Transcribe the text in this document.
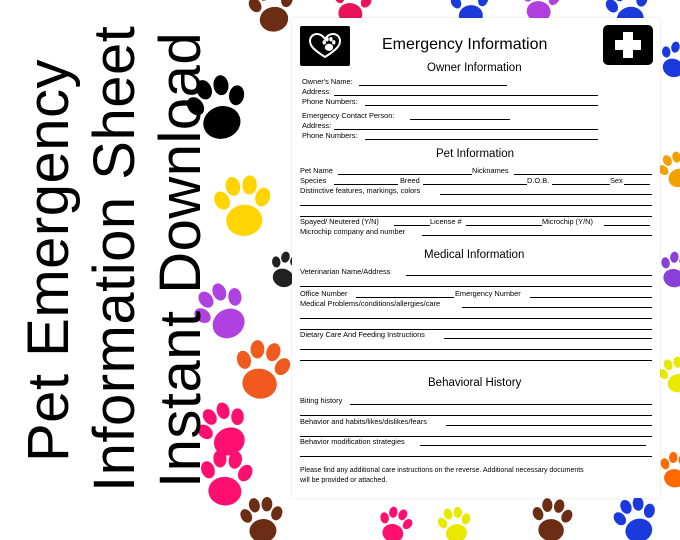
Pet Emergency Information Sheet Instant Download	Emergency Information
Owner Information
Owner's Name:
Address:
Phone Numbers:
Emergency Contact Person:
Address:
Phone Numbers:
Pet Information
Pet Name	Nicknames
Species	Breed	D.O.B.	Sex
Distinctive features, markings, colors
Spayed/ Neutered (Y/N)	License #	Microchip (Y/N)
Microchip company and number
Medical Information
Veterinarian Name/Address
Office Number	Emergency Number
Medical Problems/conditions/allergies/care
Dietary Care And Feeding Instructions
Behavioral History
Biting history
Behavior and habits/likes/dislikes/fears
Behavior modification strategies
Please find any additional care instructions on the reverse. Additional necessary documents
will be provided or attached.
